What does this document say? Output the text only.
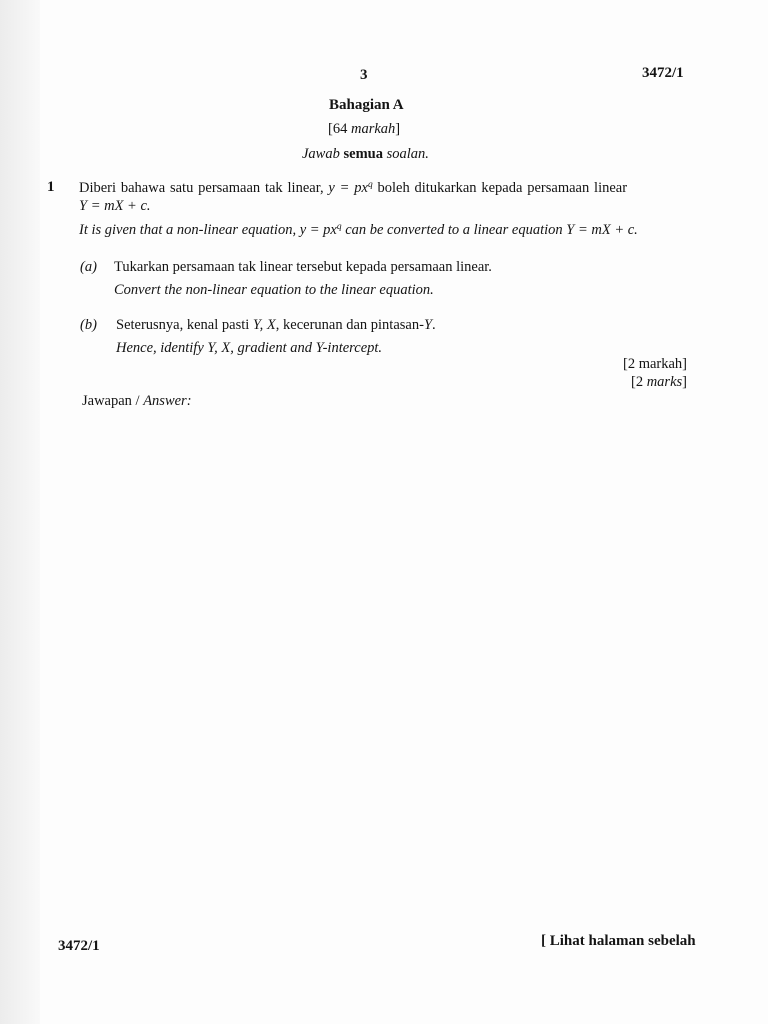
3	3472/1
Bahagian A
[64 markah]
Jawab semua soalan.
1 Diberi bahawa satu persamaan tak linear, $y = px^q$ boleh ditukarkan kepada persamaan linear
Y = mX + c.
It is given that a non-linear equation, $y = px^q$ can be converted to a linear equation Y = mX + c.
(a) Tukarkan persamaan tak linear tersebut kepada persamaan linear.
Convert the non-linear equation to the linear equation.
(b) Seterusnya, kenal pasti Y, X, kecerunan dan pintasan-Y.
Hence, identify Y, X, gradient and Y-intercept.
[2 markah]
[2 marks]
Jawapan / Answer:
3472/1	[ Lihat halaman sebelah
